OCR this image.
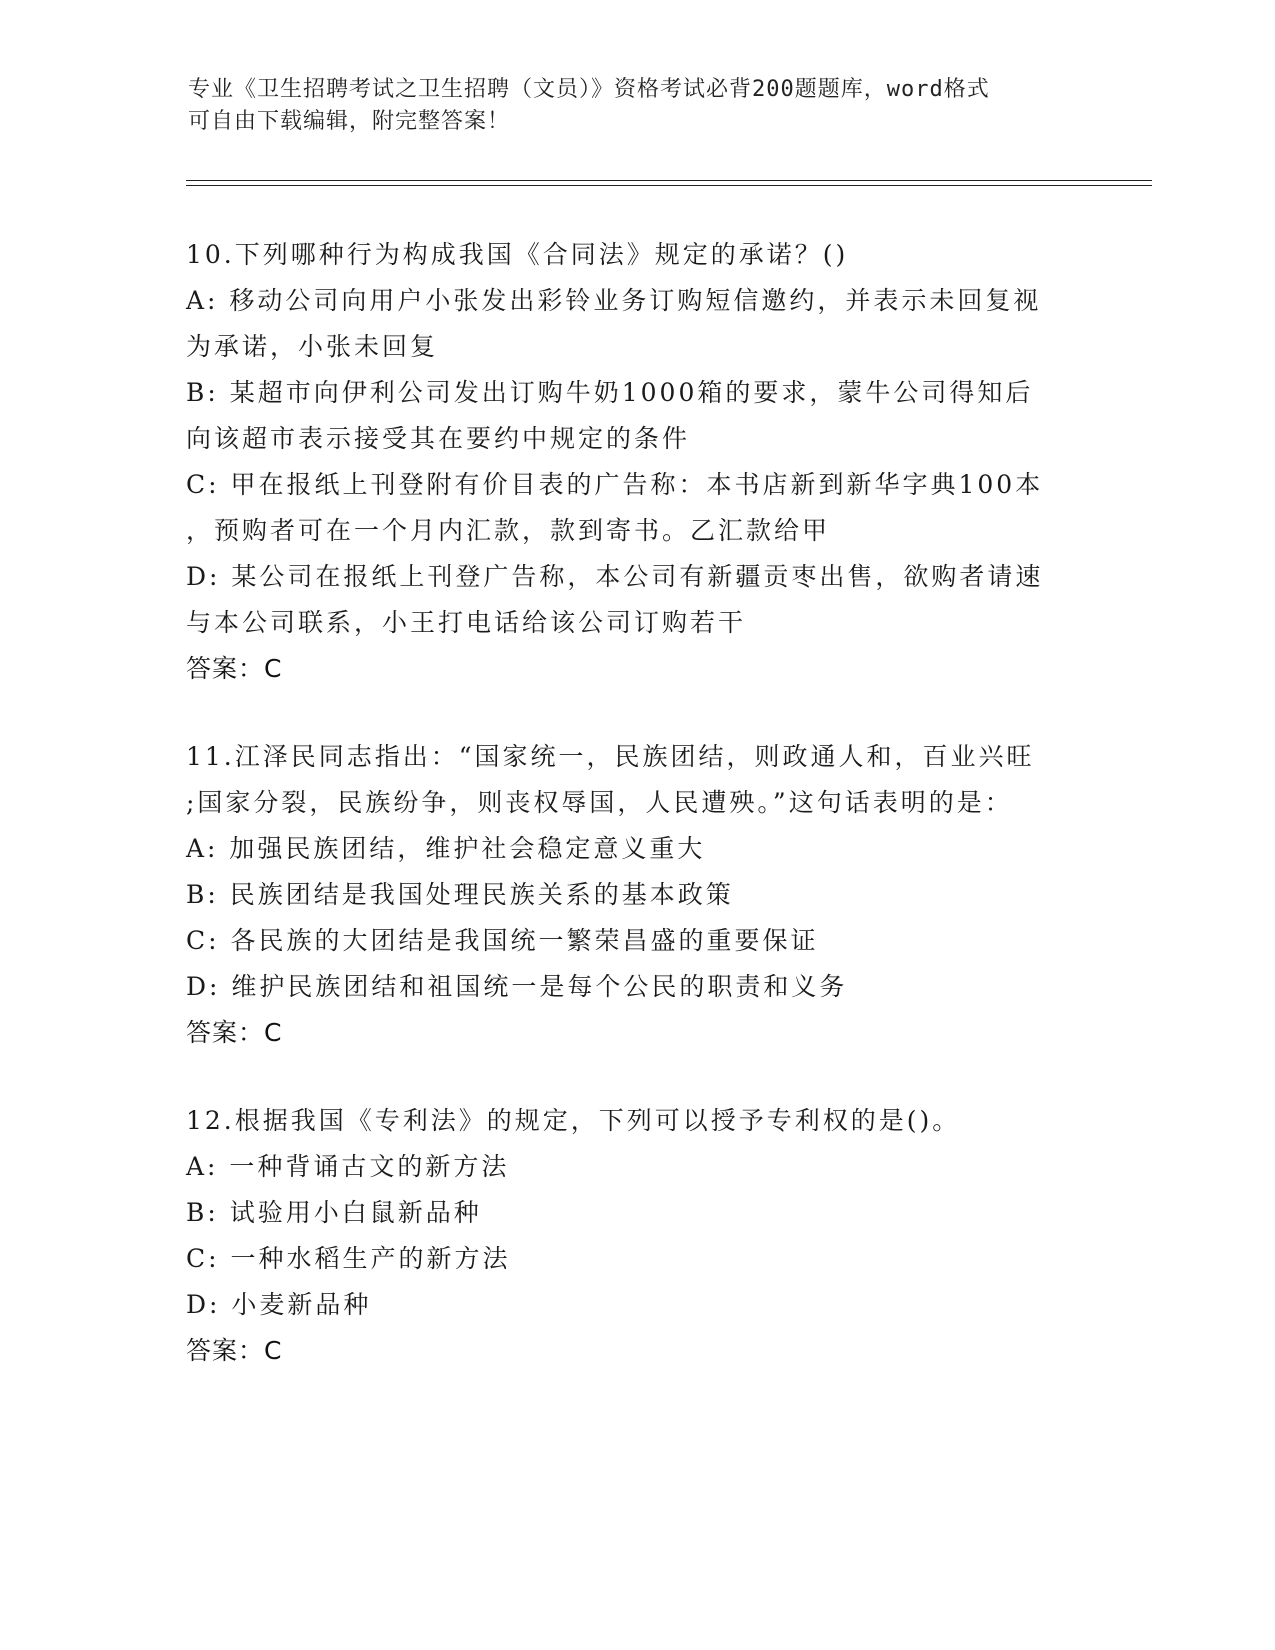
专业《卫生招聘考试之卫生招聘（文员）》资格考试必背200题题库，word格式
可自由下载编辑，附完整答案！
10.下列哪种行为构成我国《合同法》规定的承诺？()
A: 移动公司向用户小张发出彩铃业务订购短信邀约，并表示未回复视
为承诺，小张未回复
B: 某超市向伊利公司发出订购牛奶1000箱的要求，蒙牛公司得知后
向该超市表示接受其在要约中规定的条件
C: 甲在报纸上刊登附有价目表的广告称：本书店新到新华字典100本
，预购者可在一个月内汇款，款到寄书。乙汇款给甲
D: 某公司在报纸上刊登广告称，本公司有新疆贡枣出售，欲购者请速
与本公司联系，小王打电话给该公司订购若干
答案：C
11.江泽民同志指出：“国家统一，民族团结，则政通人和，百业兴旺
;国家分裂，民族纷争，则丧权辱国，人民遭殃。”这句话表明的是：
A: 加强民族团结，维护社会稳定意义重大
B: 民族团结是我国处理民族关系的基本政策
C: 各民族的大团结是我国统一繁荣昌盛的重要保证
D: 维护民族团结和祖国统一是每个公民的职责和义务
答案：C
12.根据我国《专利法》的规定，下列可以授予专利权的是()。
A: 一种背诵古文的新方法
B: 试验用小白鼠新品种
C: 一种水稻生产的新方法
D: 小麦新品种
答案：C
